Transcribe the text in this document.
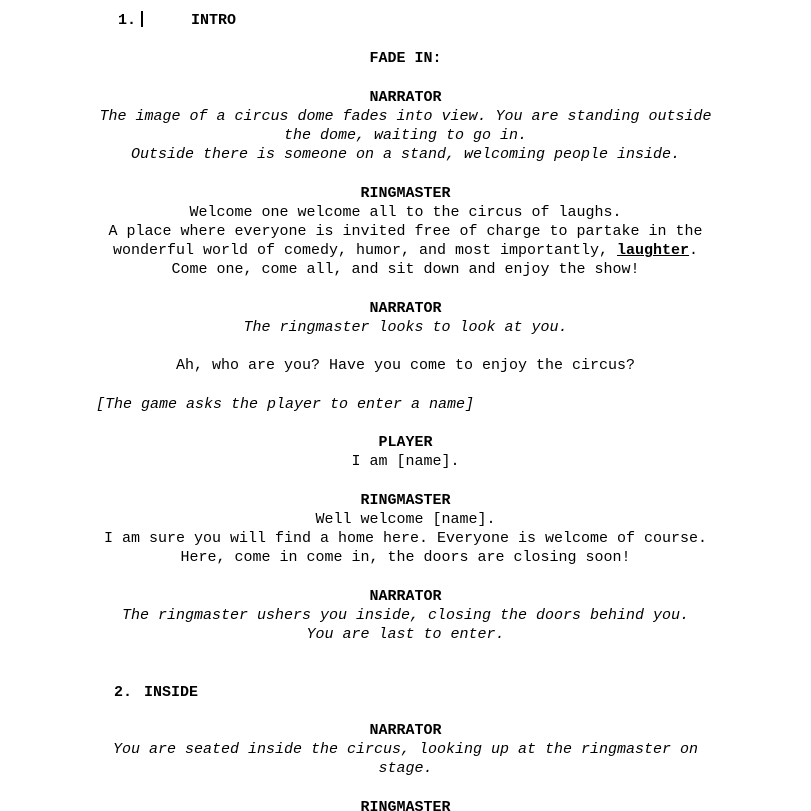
1.	INTRO

FADE IN:

NARRATOR
The image of a circus dome fades into view. You are standing outside
the dome, waiting to go in.
Outside there is someone on a stand, welcoming people inside.

RINGMASTER
Welcome one welcome all to the circus of laughs.
A place where everyone is invited free of charge to partake in the
wonderful world of comedy, humor, and most importantly, laughter.
Come one, come all, and sit down and enjoy the show!

NARRATOR
The ringmaster looks to look at you.

Ah, who are you? Have you come to enjoy the circus?

[The game asks the player to enter a name]

PLAYER
I am [name].

RINGMASTER
Well welcome [name].
I am sure you will find a home here. Everyone is welcome of course.
Here, come in come in, the doors are closing soon!

NARRATOR
The ringmaster ushers you inside, closing the doors behind you.
You are last to enter.

2. INSIDE

NARRATOR
You are seated inside the circus, looking up at the ringmaster on
stage.

RINGMASTER
